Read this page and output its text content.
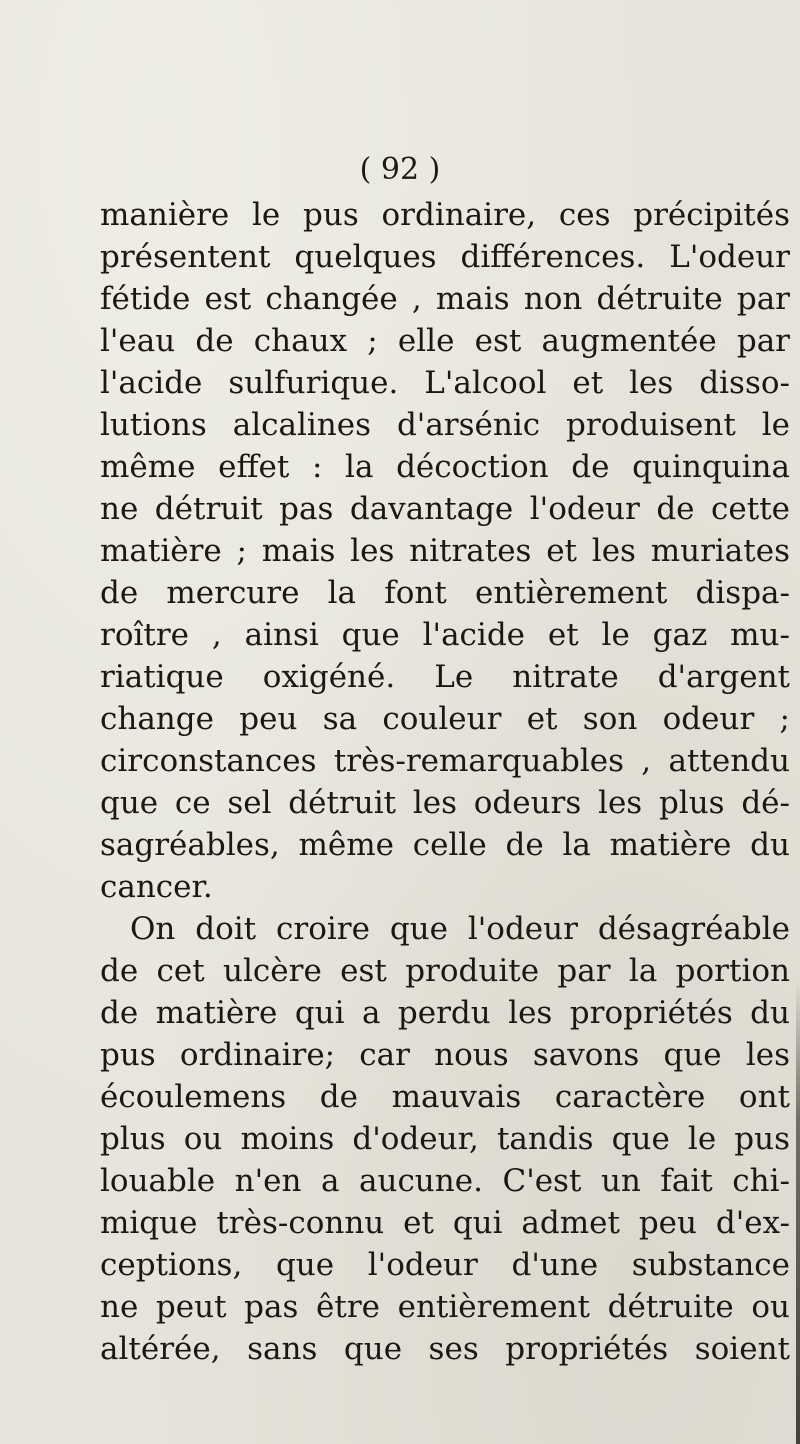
( 92 )

manière le pus ordinaire, ces précipités
présentent quelques différences. L'odeur
fétide est changée , mais non détruite par
l'eau de chaux ; elle est augmentée par
l'acide sulfurique. L'alcool et les disso-
lutions alcalines d'arsénic produisent le
même effet : la décoction de quinquina
ne détruit pas davantage l'odeur de cette
matière ; mais les nitrates et les muriates
de mercure la font entièrement dispa-
roître , ainsi que l'acide et le gaz mu-
riatique oxigéné. Le nitrate d'argent
change peu sa couleur et son odeur ;
circonstances très-remarquables , attendu
que ce sel détruit les odeurs les plus dé-
sagréables, même celle de la matière du
cancer.
On doit croire que l'odeur désagréable
de cet ulcère est produite par la portion
de matière qui a perdu les propriétés du
pus ordinaire; car nous savons que les
écoulemens de mauvais caractère ont
plus ou moins d'odeur, tandis que le pus
louable n'en a aucune. C'est un fait chi-
mique très-connu et qui admet peu d'ex-
ceptions, que l'odeur d'une substance
ne peut pas être entièrement détruite ou
altérée, sans que ses propriétés soient
